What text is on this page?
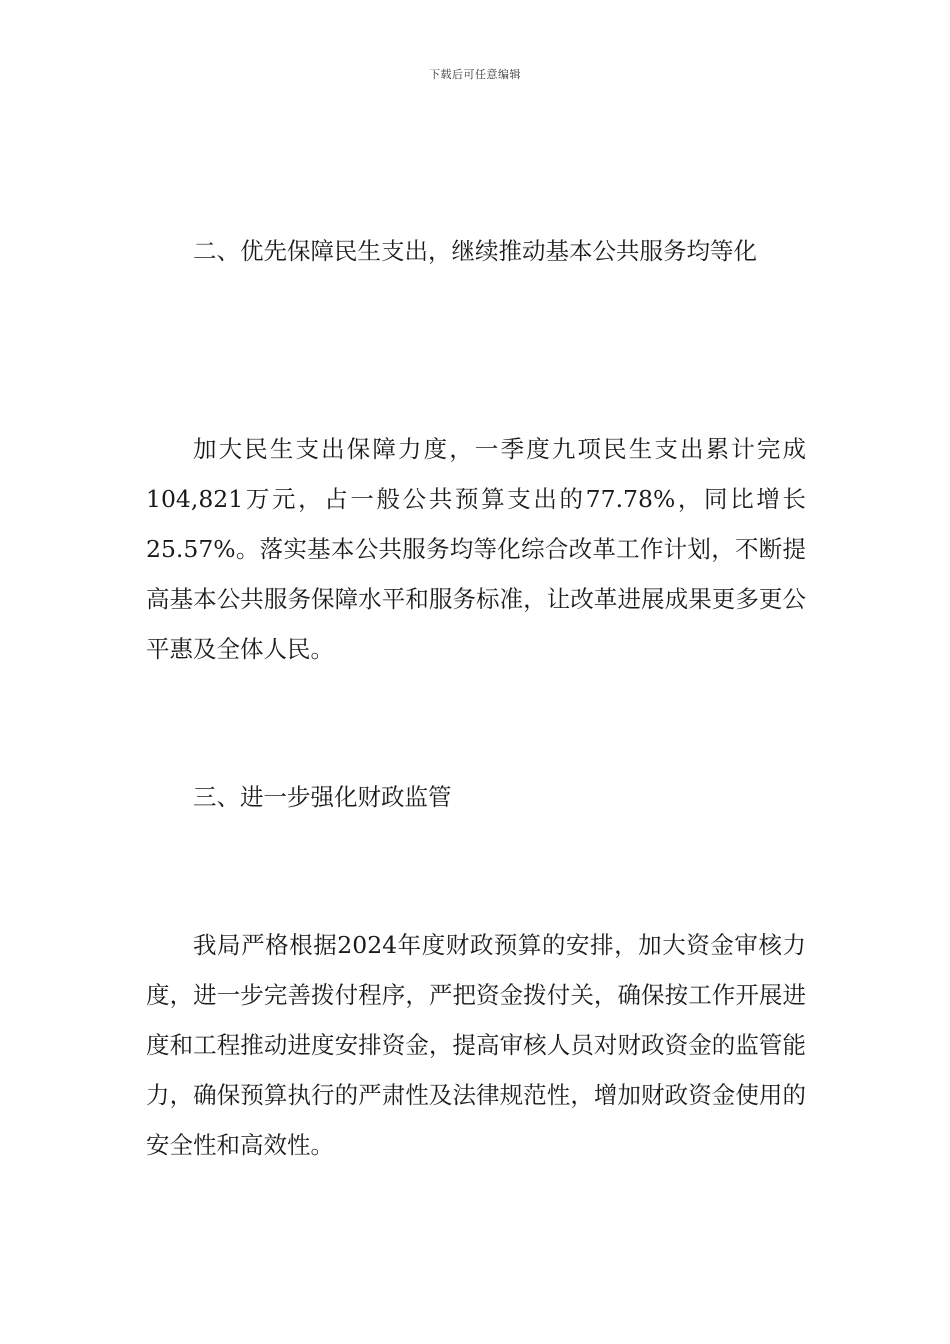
下载后可任意编辑

二、优先保障民生支出，继续推动基本公共服务均等化

加大民生支出保障力度，一季度九项民生支出累计完成104,821万元，占一般公共预算支出的77.78%，同比增长25.57%。落实基本公共服务均等化综合改革工作计划，不断提高基本公共服务保障水平和服务标准，让改革进展成果更多更公平惠及全体人民。

三、进一步强化财政监管

我局严格根据2024年度财政预算的安排，加大资金审核力度，进一步完善拨付程序，严把资金拨付关，确保按工作开展进度和工程推动进度安排资金，提高审核人员对财政资金的监管能力，确保预算执行的严肃性及法律规范性，增加财政资金使用的安全性和高效性。
